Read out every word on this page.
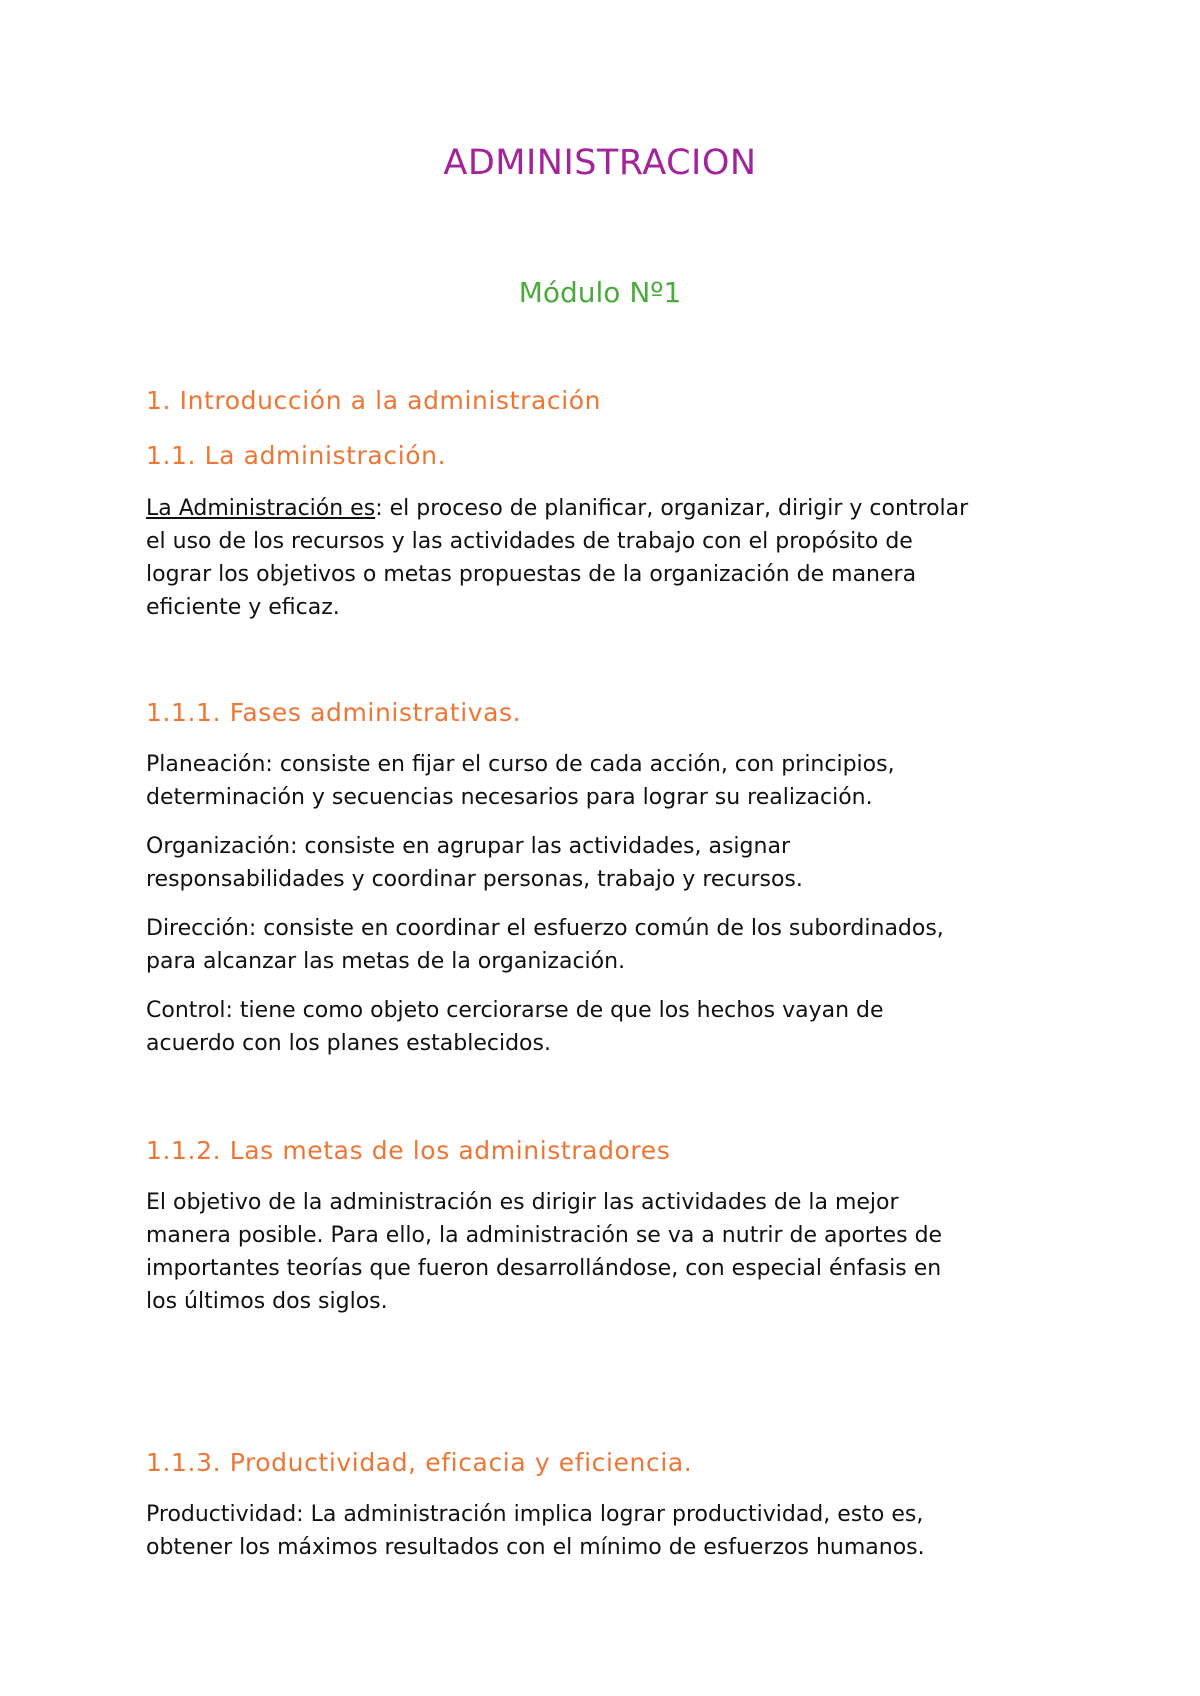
ADMINISTRACION
Módulo Nº1
1. Introducción a la administración
1.1. La administración.
La Administración es: el proceso de planificar, organizar, dirigir y controlar
el uso de los recursos y las actividades de trabajo con el propósito de
lograr los objetivos o metas propuestas de la organización de manera
eficiente y eficaz.
1.1.1. Fases administrativas.
Planeación: consiste en fijar el curso de cada acción, con principios,
determinación y secuencias necesarios para lograr su realización.
Organización: consiste en agrupar las actividades, asignar
responsabilidades y coordinar personas, trabajo y recursos.
Dirección: consiste en coordinar el esfuerzo común de los subordinados,
para alcanzar las metas de la organización.
Control: tiene como objeto cerciorarse de que los hechos vayan de
acuerdo con los planes establecidos.
1.1.2. Las metas de los administradores
El objetivo de la administración es dirigir las actividades de la mejor
manera posible. Para ello, la administración se va a nutrir de aportes de
importantes teorías que fueron desarrollándose, con especial énfasis en
los últimos dos siglos.
1.1.3. Productividad, eficacia y eficiencia.
Productividad: La administración implica lograr productividad, esto es,
obtener los máximos resultados con el mínimo de esfuerzos humanos.
